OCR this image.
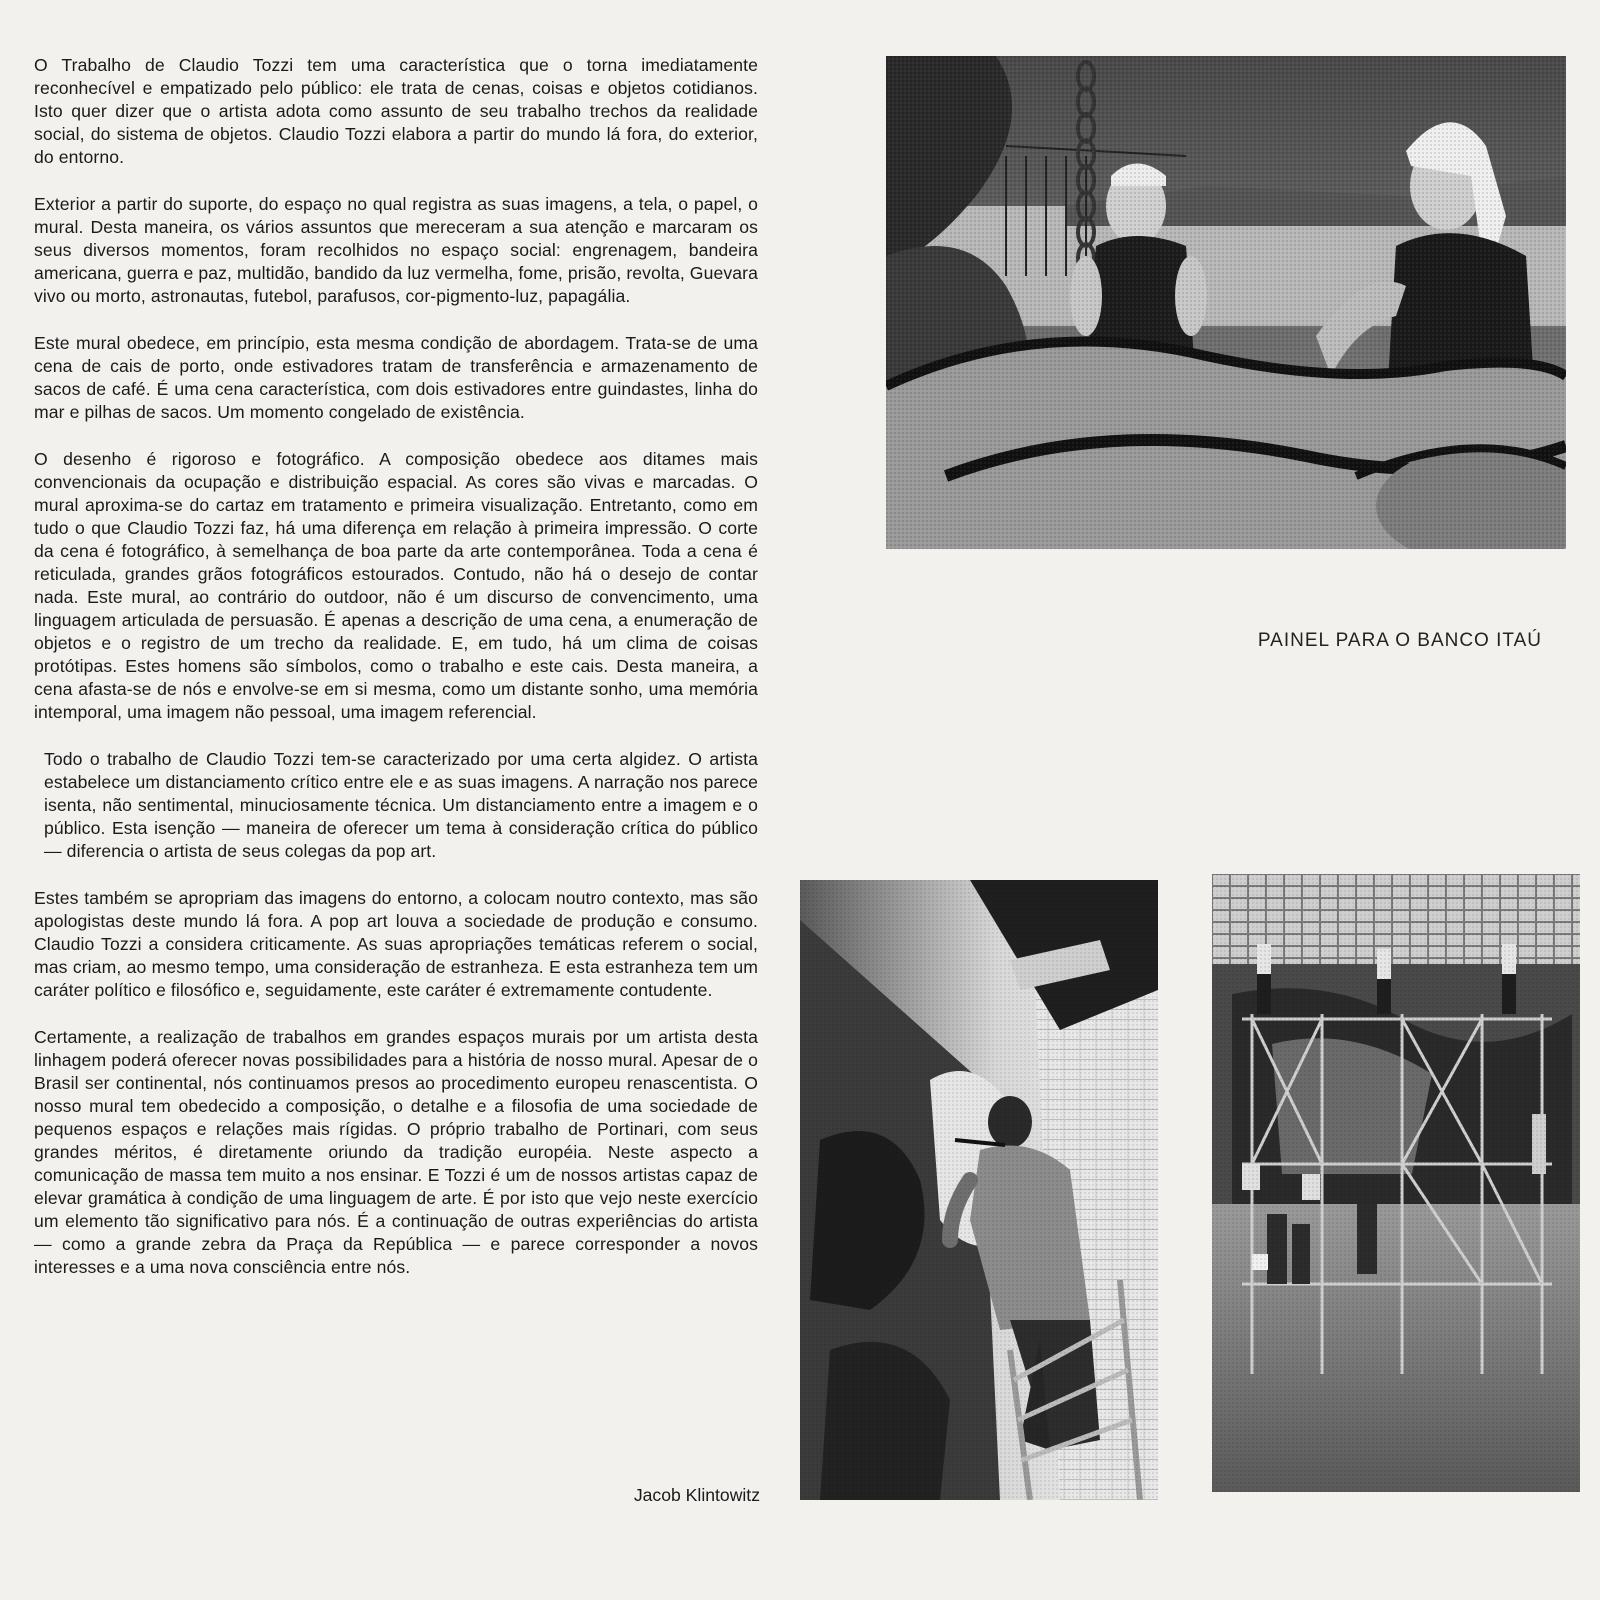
O Trabalho de Claudio Tozzi tem uma característica que o torna imediatamente reconhecível e empatizado pelo público: ele trata de cenas, coisas e objetos cotidianos. Isto quer dizer que o artista adota como assunto de seu trabalho trechos da realidade social, do sistema de objetos. Claudio Tozzi elabora a partir do mundo lá fora, do exterior, do entorno.

Exterior a partir do suporte, do espaço no qual registra as suas imagens, a tela, o papel, o mural. Desta maneira, os vários assuntos que mereceram a sua atenção e marcaram os seus diversos momentos, foram recolhidos no espaço social: engrenagem, bandeira americana, guerra e paz, multidão, bandido da luz vermelha, fome, prisão, revolta, Guevara vivo ou morto, astronautas, futebol, parafusos, cor-pigmento-luz, papagália.

Este mural obedece, em princípio, esta mesma condição de abordagem. Trata-se de uma cena de cais de porto, onde estivadores tratam de transferência e armazenamento de sacos de café. É uma cena característica, com dois estivadores entre guindastes, linha do mar e pilhas de sacos. Um momento congelado de existência.

O desenho é rigoroso e fotográfico. A composição obedece aos ditames mais convencionais da ocupação e distribuição espacial. As cores são vivas e marcadas. O mural aproxima-se do cartaz em tratamento e primeira visualização. Entretanto, como em tudo o que Claudio Tozzi faz, há uma diferença em relação à primeira impressão. O corte da cena é fotográfico, à semelhança de boa parte da arte contemporânea. Toda a cena é reticulada, grandes grãos fotográficos estourados. Contudo, não há o desejo de contar nada. Este mural, ao contrário do outdoor, não é um discurso de convencimento, uma linguagem articulada de persuasão. É apenas a descrição de uma cena, a enumeração de objetos e o registro de um trecho da realidade. E, em tudo, há um clima de coisas protótipas. Estes homens são símbolos, como o trabalho e este cais. Desta maneira, a cena afasta-se de nós e envolve-se em si mesma, como um distante sonho, uma memória intemporal, uma imagem não pessoal, uma imagem referencial.

Todo o trabalho de Claudio Tozzi tem-se caracterizado por uma certa algidez. O artista estabelece um distanciamento crítico entre ele e as suas imagens. A narração nos parece isenta, não sentimental, minuciosamente técnica. Um distanciamento entre a imagem e o público. Esta isenção — maneira de oferecer um tema à consideração crítica do público — diferencia o artista de seus colegas da pop art.

Estes também se apropriam das imagens do entorno, a colocam noutro contexto, mas são apologistas deste mundo lá fora. A pop art louva a sociedade de produção e consumo. Claudio Tozzi a considera criticamente. As suas apropriações temáticas referem o social, mas criam, ao mesmo tempo, uma consideração de estranheza. E esta estranheza tem um caráter político e filosófico e, seguidamente, este caráter é extremamente contudente.

Certamente, a realização de trabalhos em grandes espaços murais por um artista desta linhagem poderá oferecer novas possibilidades para a história de nosso mural. Apesar de o Brasil ser continental, nós continuamos presos ao procedimento europeu renascentista. O nosso mural tem obedecido a composição, o detalhe e a filosofia de uma sociedade de pequenos espaços e relações mais rígidas. O próprio trabalho de Portinari, com seus grandes méritos, é diretamente oriundo da tradição européia. Neste aspecto a comunicação de massa tem muito a nos ensinar. E Tozzi é um de nossos artistas capaz de elevar gramática à condição de uma linguagem de arte. É por isto que vejo neste exercício um elemento tão significativo para nós. É a continuação de outras experiências do artista — como a grande zebra da Praça da República — e parece corresponder a novos interesses e a uma nova consciência entre nós.

Jacob Klintowitz
PAINEL PARA O BANCO ITAÚ
